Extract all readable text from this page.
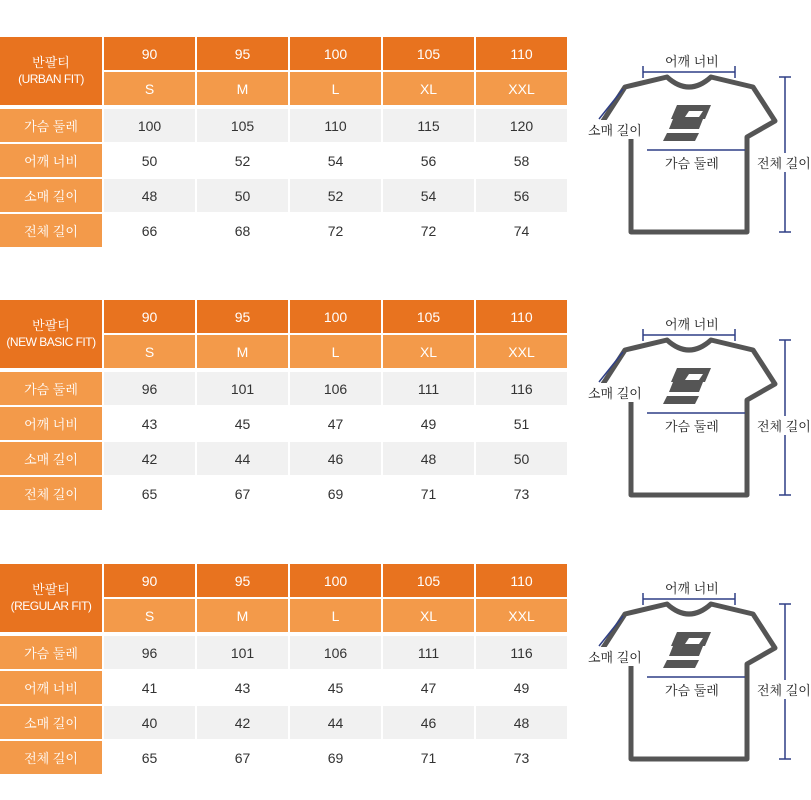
반팔티
(URBAN FIT)
90	95	100	105	110
S	M	L	XL	XXL
가슴 둘레	100	105	110	115	120
어깨 너비	50	52	54	56	58
소매 길이	48	50	52	54	56
전체 길이	66	68	72	72	74
어깨 너비
소매 길이
가슴 둘레	전체 길이
반팔티
(NEW BASIC FIT)
90	95	100	105	110
S	M	L	XL	XXL
가슴 둘레	96	101	106	111	116
어깨 너비	43	45	47	49	51
소매 길이	42	44	46	48	50
전체 길이	65	67	69	71	73
어깨 너비
소매 길이
가슴 둘레	전체 길이
반팔티
(REGULAR FIT)
90	95	100	105	110
S	M	L	XL	XXL
가슴 둘레	96	101	106	111	116
어깨 너비	41	43	45	47	49
소매 길이	40	42	44	46	48
전체 길이	65	67	69	71	73
어깨 너비
소매 길이
가슴 둘레	전체 길이
